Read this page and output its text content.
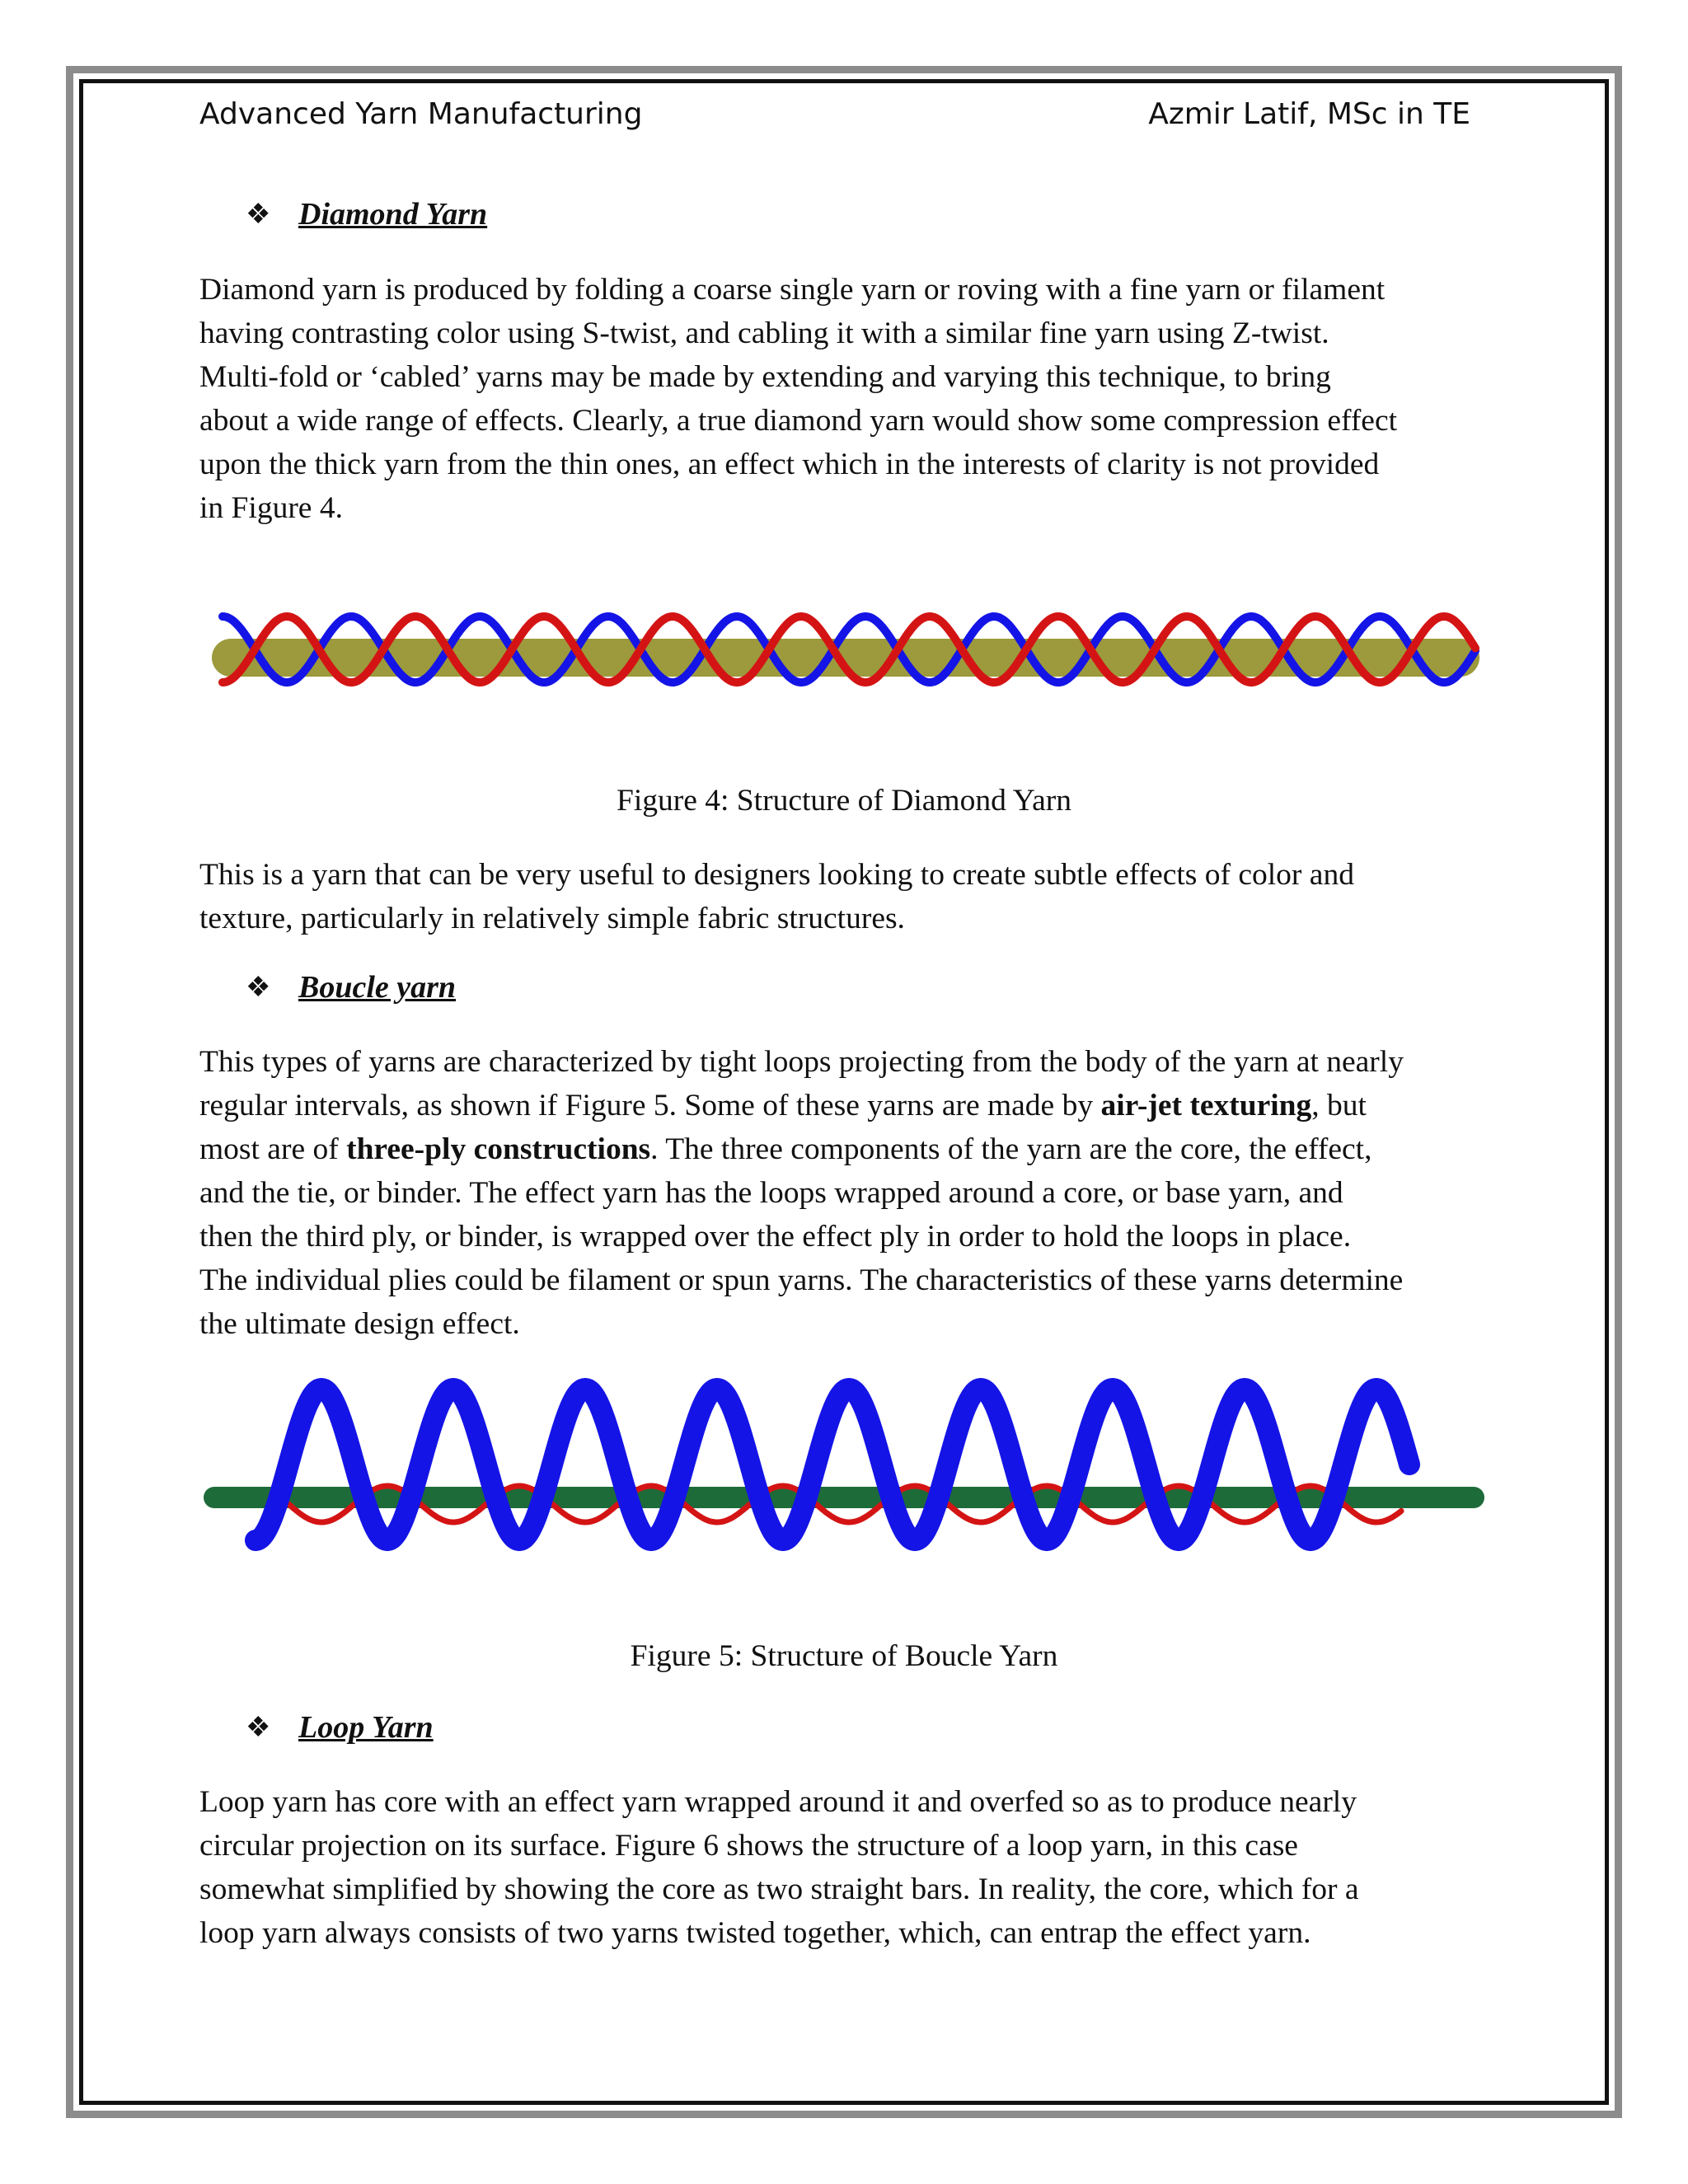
Advanced Yarn Manufacturing	Azmir Latif, MSc in TE
❖ Diamond Yarn
Diamond yarn is produced by folding a coarse single yarn or roving with a fine yarn or filament
having contrasting color using S-twist, and cabling it with a similar fine yarn using Z-twist.
Multi-fold or ‘cabled’ yarns may be made by extending and varying this technique, to bring
about a wide range of effects. Clearly, a true diamond yarn would show some compression effect
upon the thick yarn from the thin ones, an effect which in the interests of clarity is not provided
in Figure 4.
Figure 4: Structure of Diamond Yarn
This is a yarn that can be very useful to designers looking to create subtle effects of color and
texture, particularly in relatively simple fabric structures.
❖ Boucle yarn
This types of yarns are characterized by tight loops projecting from the body of the yarn at nearly
regular intervals, as shown if Figure 5. Some of these yarns are made by air-jet texturing, but
most are of three-ply constructions. The three components of the yarn are the core, the effect,
and the tie, or binder. The effect yarn has the loops wrapped around a core, or base yarn, and
then the third ply, or binder, is wrapped over the effect ply in order to hold the loops in place.
The individual plies could be filament or spun yarns. The characteristics of these yarns determine
the ultimate design effect.
Figure 5: Structure of Boucle Yarn
❖ Loop Yarn
Loop yarn has core with an effect yarn wrapped around it and overfed so as to produce nearly
circular projection on its surface. Figure 6 shows the structure of a loop yarn, in this case
somewhat simplified by showing the core as two straight bars. In reality, the core, which for a
loop yarn always consists of two yarns twisted together, which, can entrap the effect yarn.
